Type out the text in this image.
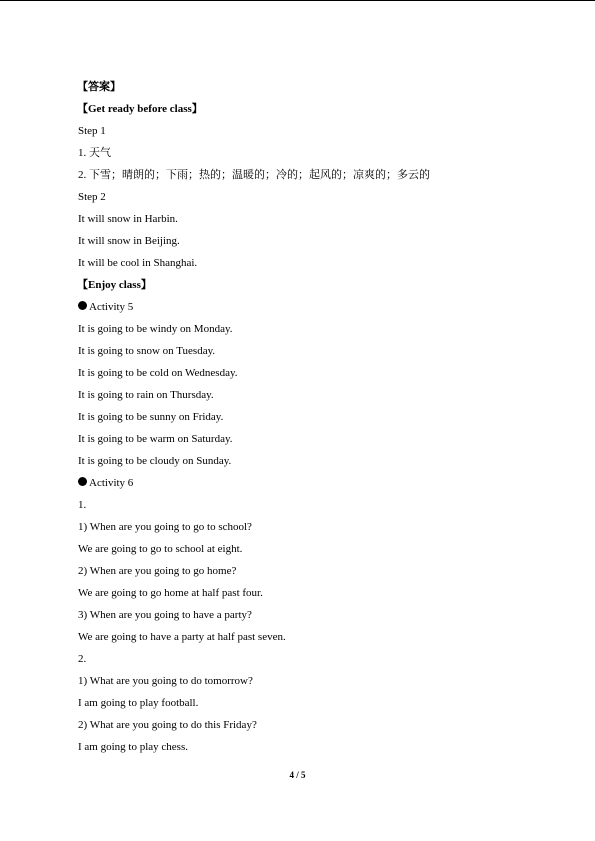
【答案】
【Get ready before class】
Step 1
1. 天气
2. 下雪；晴朗的；下雨；热的；温暖的；冷的；起风的；凉爽的；多云的
Step 2
It will snow in Harbin.
It will snow in Beijing.
It will be cool in Shanghai.
【Enjoy class】
Activity 5
It is going to be windy on Monday.
It is going to snow on Tuesday.
It is going to be cold on Wednesday.
It is going to rain on Thursday.
It is going to be sunny on Friday.
It is going to be warm on Saturday.
It is going to be cloudy on Sunday.
Activity 6
1.
1) When are you going to go to school?
We are going to go to school at eight.
2) When are you going to go home?
We are going to go home at half past four.
3) When are you going to have a party?
We are going to have a party at half past seven.
2.
1) What are you going to do tomorrow?
I am going to play football.
2) What are you going to do this Friday?
I am going to play chess.
4 / 5
